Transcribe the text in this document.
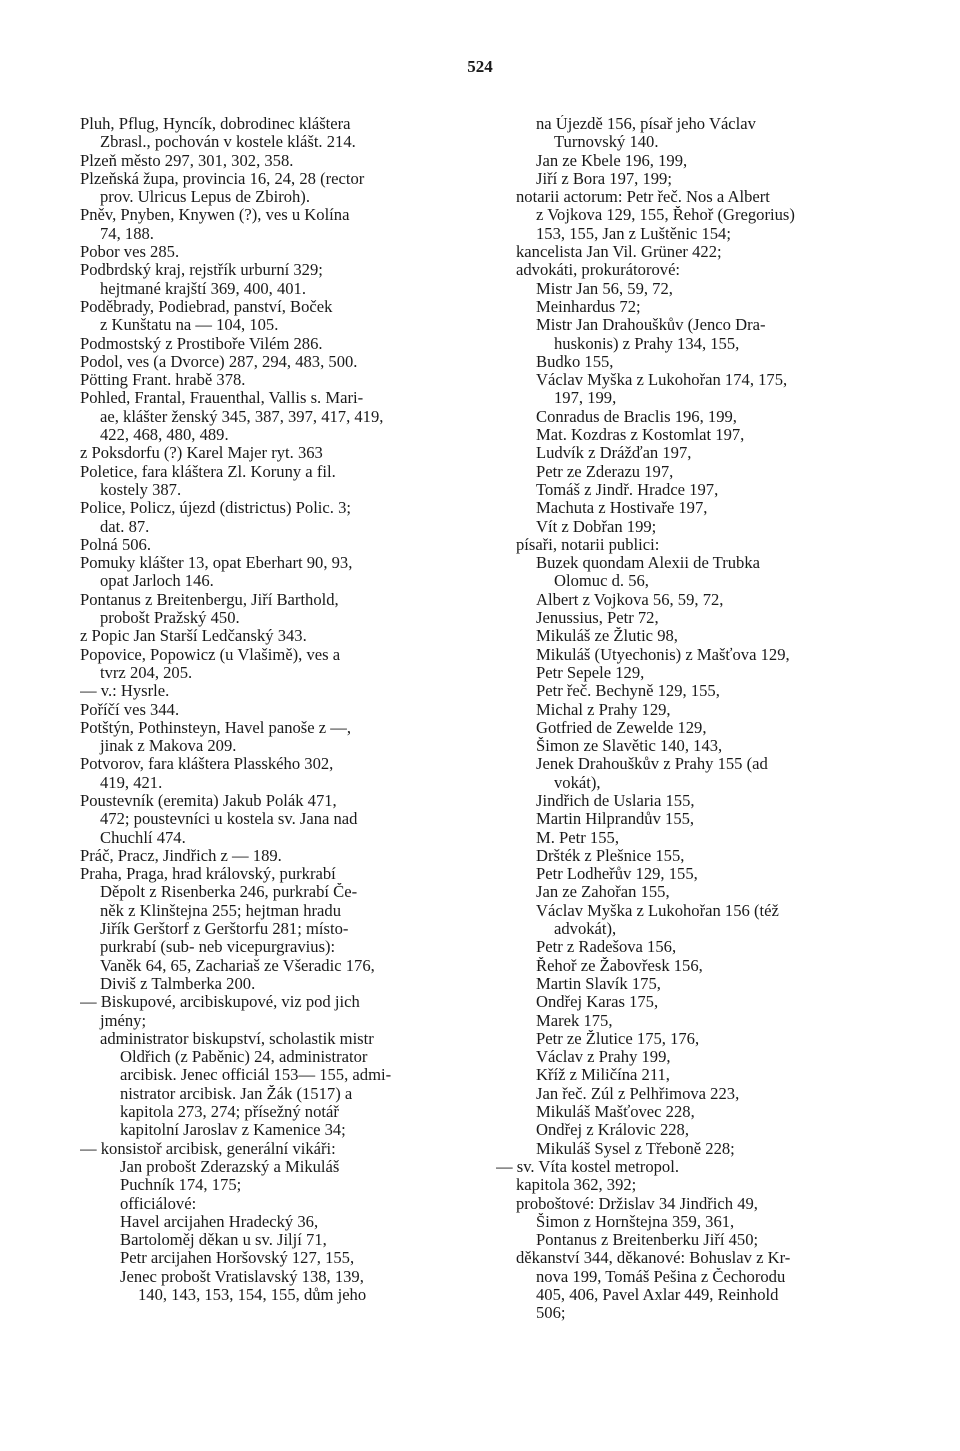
524
Pluh, Pflug, Hyncík, dobrodinec kláštera
Zbrasl., pochován v kostele klášt. 214.
Plzeň město 297, 301, 302, 358.
Plzeňská župa, provincia 16, 24, 28 (rector
prov. Ulricus Lepus de Zbiroh).
Pněv, Pnyben, Knywen (?), ves u Kolína
74, 188.
Pobor ves 285.
Podbrdský kraj, rejstřík urburní 329;
hejtmané krajští 369, 400, 401.
Poděbrady, Podiebrad, panství, Boček
z Kunštatu na — 104, 105.
Podmostský z Prostiboře Vilém 286.
Podol, ves (a Dvorce) 287, 294, 483, 500.
Pötting Frant. hrabě 378.
Pohled, Frantal, Frauenthal, Vallis s. Mari-
ae, klášter ženský 345, 387, 397, 417, 419,
422, 468, 480, 489.
z Poksdorfu (?) Karel Majer ryt. 363
Poletice, fara kláštera Zl. Koruny a fil.
kostely 387.
Police, Policz, újezd (districtus) Polic. 3;
dat. 87.
Polná 506.
Pomuky klášter 13, opat Eberhart 90, 93,
opat Jarloch 146.
Pontanus z Breitenbergu, Jiří Barthold,
probošt Pražský 450.
z Popic Jan Starší Ledčanský 343.
Popovice, Popowicz (u Vlašimě), ves a
tvrz 204, 205.
— v.: Hysrle.
Poříčí ves 344.
Potštýn, Pothinsteyn, Havel panoše z —,
jinak z Makova 209.
Potvorov, fara kláštera Plasského 302,
419, 421.
Poustevník (eremita) Jakub Polák 471,
472; poustevníci u kostela sv. Jana nad
Chuchlí 474.
Práč, Pracz, Jindřich z — 189.
Praha, Praga, hrad královský, purkrabí
Děpolt z Risenberka 246, purkrabí Če-
něk z Klinštejna 255; hejtman hradu
Jiřík Gerštorf z Gerštorfu 281; místo-
purkrabí (sub- neb vicepurgravius):
Vaněk 64, 65, Zachariaš ze Všeradic 176,
Diviš z Talmberka 200.
— Biskupové, arcibiskupové, viz pod jich
jmény;
administrator biskupství, scholastik mistr
Oldřich (z Paběnic) 24, administrator
arcibisk. Jenec officiál 153— 155, admi-
nistrator arcibisk. Jan Žák (1517) a
kapitola 273, 274; přísežný notář
kapitolní Jaroslav z Kamenice 34;
— konsistoř arcibisk, generální vikáři:
Jan probošt Zderazský a Mikuláš
Puchník 174, 175;
officiálové:
Havel arcijahen Hradecký 36,
Bartoloměj děkan u sv. Jiljí 71,
Petr arcijahen Horšovský 127, 155,
Jenec probošt Vratislavský 138, 139,
140, 143, 153, 154, 155, dům jeho
na Újezdě 156, písař jeho Václav
Turnovský 140.
Jan ze Kbele 196, 199,
Jiří z Bora 197, 199;
notarii actorum: Petr řeč. Nos a Albert
z Vojkova 129, 155, Řehoř (Gregorius)
153, 155, Jan z Luštěnic 154;
kancelista Jan Vil. Grüner 422;
advokáti, prokurátorové:
Mistr Jan 56, 59, 72,
Meinhardus 72;
Mistr Jan Drahouškův (Jenco Dra-
huskonis) z Prahy 134, 155,
Budko 155,
Václav Myška z Lukohořan 174, 175,
197, 199,
Conradus de Braclis 196, 199,
Mat. Kozdras z Kostomlat 197,
Ludvík z Drážďan 197,
Petr ze Zderazu 197,
Tomáš z Jindř. Hradce 197,
Machuta z Hostivaře 197,
Vít z Dobřan 199;
písaři, notarii publici:
Buzek quondam Alexii de Trubka
Olomuc d. 56,
Albert z Vojkova 56, 59, 72,
Jenussius, Petr 72,
Mikuláš ze Žlutic 98,
Mikuláš (Utyechonis) z Mašťova 129,
Petr Sepele 129,
Petr řeč. Bechyně 129, 155,
Michal z Prahy 129,
Gotfried de Zewelde 129,
Šimon ze Slavětic 140, 143,
Jenek Drahouškův z Prahy 155 (ad
vokát),
Jindřich de Uslaria 155,
Martin Hilprandův 155,
M. Petr 155,
Dršték z Plešnice 155,
Petr Lodheřův 129, 155,
Jan ze Zahořan 155,
Václav Myška z Lukohořan 156 (též
advokát),
Petr z Radešova 156,
Řehoř ze Žabovřesk 156,
Martin Slavík 175,
Ondřej Karas 175,
Marek 175,
Petr ze Žlutice 175, 176,
Václav z Prahy 199,
Kříž z Miličína 211,
Jan řeč. Zúl z Pelhřimova 223,
Mikuláš Mašťovec 228,
Ondřej z Královic 228,
Mikuláš Sysel z Třeboně 228;
— sv. Víta kostel metropol.
kapitola 362, 392;
proboštové: Držislav 34 Jindřich 49,
Šimon z Hornštejna 359, 361,
Pontanus z Breitenberku Jiří 450;
děkanství 344, děkanové: Bohuslav z Kr-
nova 199, Tomáš Pešina z Čechorodu
405, 406, Pavel Axlar 449, Reinhold
506;
